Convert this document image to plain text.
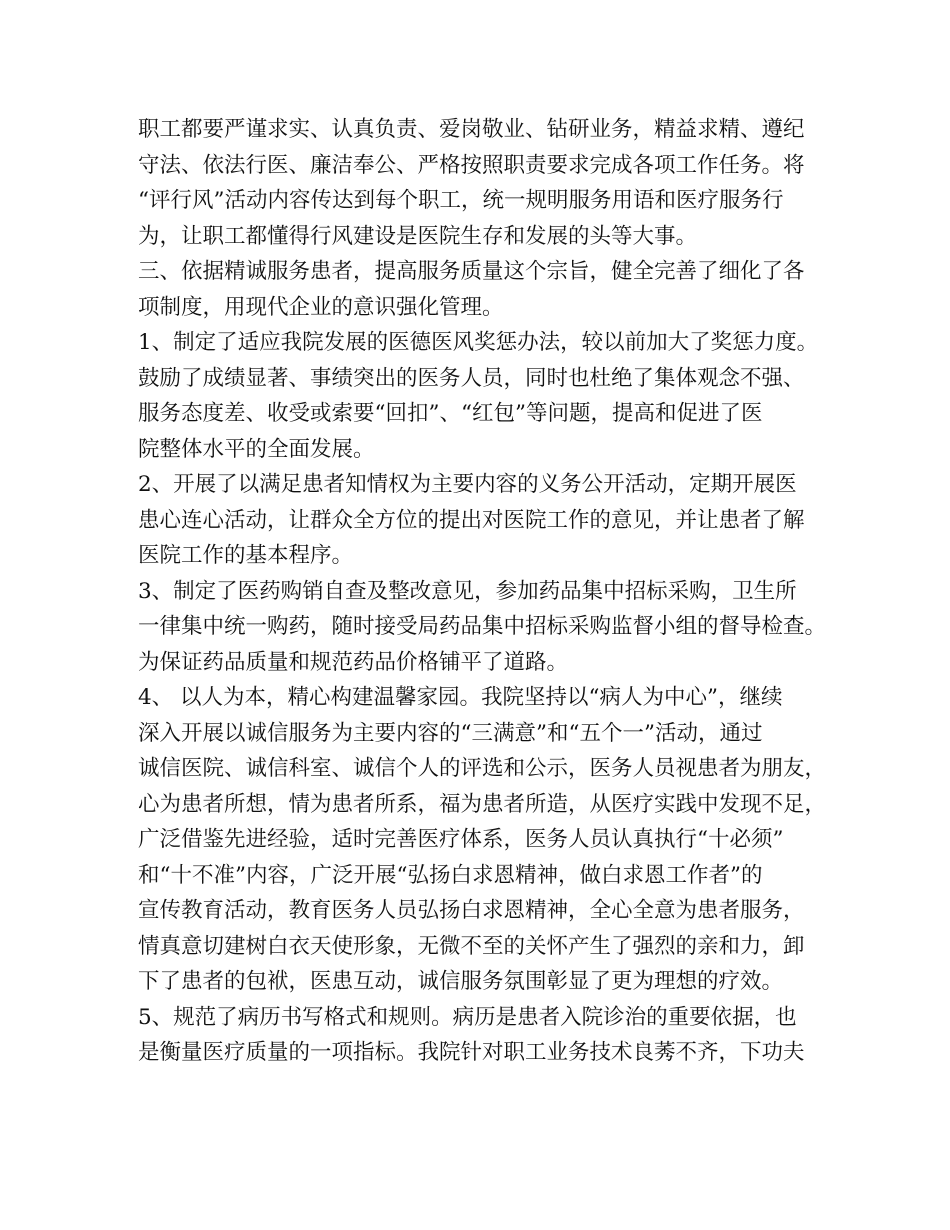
职工都要严谨求实、认真负责、爱岗敬业、钻研业务，精益求精、遵纪
守法、依法行医、廉洁奉公、严格按照职责要求完成各项工作任务。将
“评行风”活动内容传达到每个职工，统一规明服务用语和医疗服务行
为，让职工都懂得行风建设是医院生存和发展的头等大事。
三、依据精诚服务患者，提高服务质量这个宗旨，健全完善了细化了各
项制度，用现代企业的意识强化管理。
1、制定了适应我院发展的医德医风奖惩办法，较以前加大了奖惩力度。
鼓励了成绩显著、事绩突出的医务人员，同时也杜绝了集体观念不强、
服务态度差、收受或索要“回扣”、“红包”等问题，提高和促进了医
院整体水平的全面发展。
2、开展了以满足患者知情权为主要内容的义务公开活动，定期开展医
患心连心活动，让群众全方位的提出对医院工作的意见，并让患者了解
医院工作的基本程序。
3、制定了医药购销自查及整改意见，参加药品集中招标采购，卫生所
一律集中统一购药，随时接受局药品集中招标采购监督小组的督导检查。
为保证药品质量和规范药品价格铺平了道路。
4、 以人为本，精心构建温馨家园。我院坚持以“病人为中心”，继续
深入开展以诚信服务为主要内容的“三满意”和“五个一”活动，通过
诚信医院、诚信科室、诚信个人的评选和公示，医务人员视患者为朋友，
心为患者所想，情为患者所系，福为患者所造，从医疗实践中发现不足，
广泛借鉴先进经验，适时完善医疗体系，医务人员认真执行“十必须”
和“十不准”内容，广泛开展“弘扬白求恩精神，做白求恩工作者”的
宣传教育活动，教育医务人员弘扬白求恩精神，全心全意为患者服务，
情真意切建树白衣天使形象，无微不至的关怀产生了强烈的亲和力，卸
下了患者的包袱，医患互动，诚信服务氛围彰显了更为理想的疗效。
5、规范了病历书写格式和规则。病历是患者入院诊治的重要依据，也
是衡量医疗质量的一项指标。我院针对职工业务技术良莠不齐，下功夫
